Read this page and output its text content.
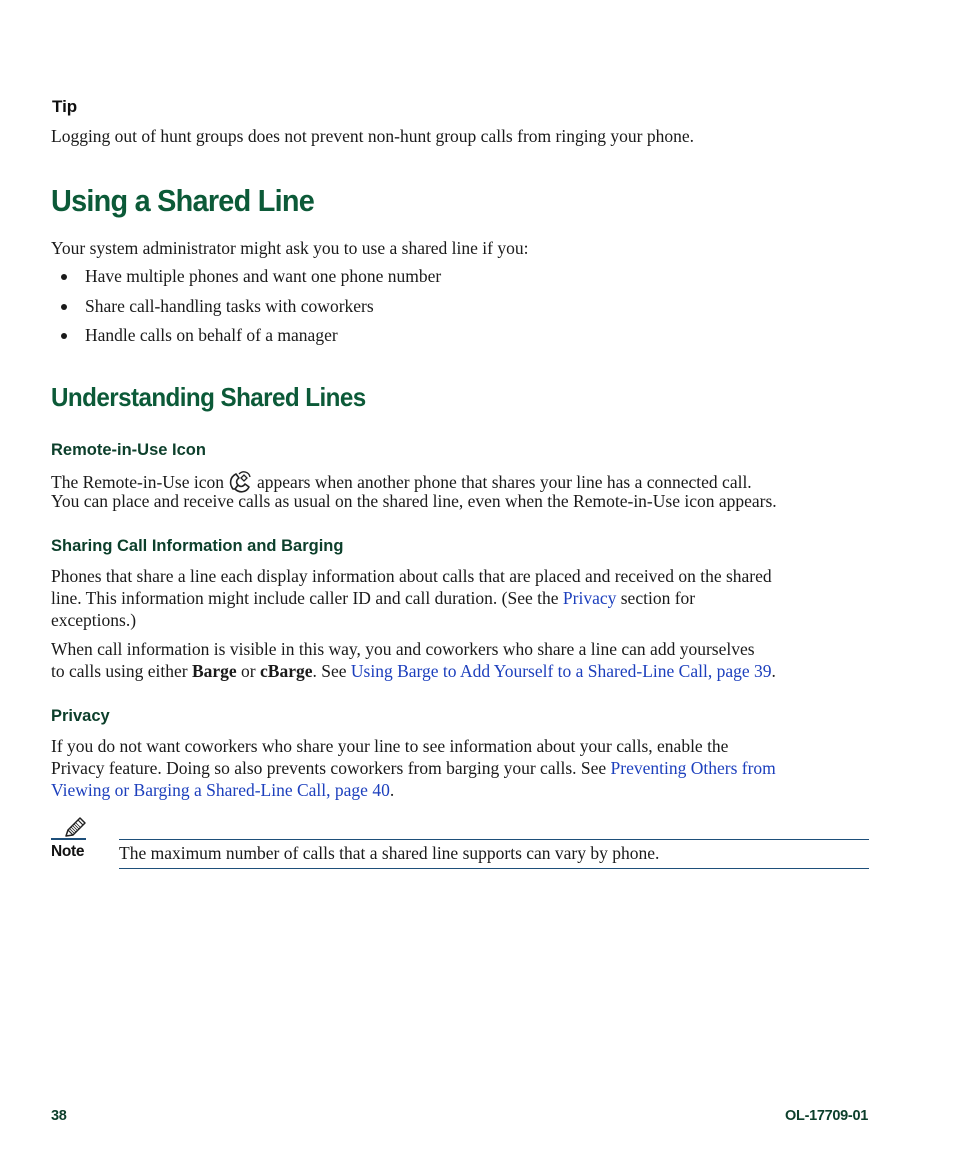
Tip
Logging out of hunt groups does not prevent non-hunt group calls from ringing your phone.
Using a Shared Line
Your system administrator might ask you to use a shared line if you:
Have multiple phones and want one phone number
Share call-handling tasks with coworkers
Handle calls on behalf of a manager
Understanding Shared Lines
Remote-in-Use Icon
The Remote-in-Use icon appears when another phone that shares your line has a connected call.
You can place and receive calls as usual on the shared line, even when the Remote-in-Use icon appears.
Sharing Call Information and Barging
Phones that share a line each display information about calls that are placed and received on the shared
line. This information might include caller ID and call duration. (See the Privacy section for
exceptions.)
When call information is visible in this way, you and coworkers who share a line can add yourselves
to calls using either Barge or cBarge. See Using Barge to Add Yourself to a Shared-Line Call, page 39.
Privacy
If you do not want coworkers who share your line to see information about your calls, enable the
Privacy feature. Doing so also prevents coworkers from barging your calls. See Preventing Others from
Viewing or Barging a Shared-Line Call, page 40.
Note The maximum number of calls that a shared line supports can vary by phone.
38	OL-17709-01
